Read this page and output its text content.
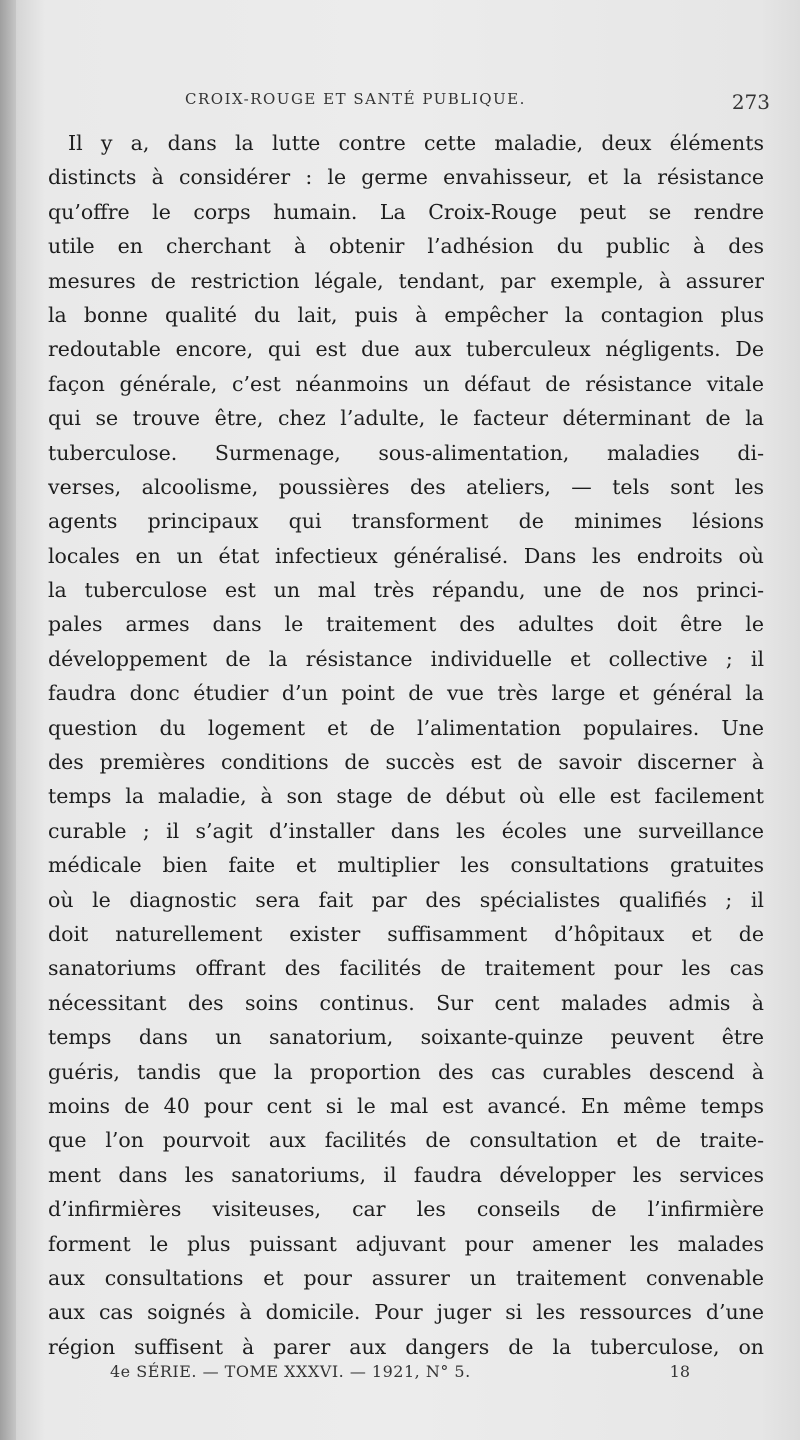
CROIX-ROUGE ET SANTÉ PUBLIQUE.	273
Il y a, dans la lutte contre cette maladie, deux éléments
distincts à considérer : le germe envahisseur, et la résistance
qu’offre le corps humain. La Croix-Rouge peut se rendre
utile en cherchant à obtenir l’adhésion du public à des
mesures de restriction légale, tendant, par exemple, à assurer
la bonne qualité du lait, puis à empêcher la contagion plus
redoutable encore, qui est due aux tuberculeux négligents. De
façon générale, c’est néanmoins un défaut de résistance vitale
qui se trouve être, chez l’adulte, le facteur déterminant de la
tuberculose. Surmenage, sous-alimentation, maladies di-
verses, alcoolisme, poussières des ateliers, — tels sont les
agents principaux qui transforment de minimes lésions
locales en un état infectieux généralisé. Dans les endroits où
la tuberculose est un mal très répandu, une de nos princi-
pales armes dans le traitement des adultes doit être le
développement de la résistance individuelle et collective ; il
faudra donc étudier d’un point de vue très large et général la
question du logement et de l’alimentation populaires. Une
des premières conditions de succès est de savoir discerner à
temps la maladie, à son stage de début où elle est facilement
curable ; il s’agit d’installer dans les écoles une surveillance
médicale bien faite et multiplier les consultations gratuites
où le diagnostic sera fait par des spécialistes qualifiés ; il
doit naturellement exister suffisamment d’hôpitaux et de
sanatoriums offrant des facilités de traitement pour les cas
nécessitant des soins continus. Sur cent malades admis à
temps dans un sanatorium, soixante-quinze peuvent être
guéris, tandis que la proportion des cas curables descend à
moins de 40 pour cent si le mal est avancé. En même temps
que l’on pourvoit aux facilités de consultation et de traite-
ment dans les sanatoriums, il faudra développer les services
d’infirmières visiteuses, car les conseils de l’infirmière
forment le plus puissant adjuvant pour amener les malades
aux consultations et pour assurer un traitement convenable
aux cas soignés à domicile. Pour juger si les ressources d’une
région suffisent à parer aux dangers de la tuberculose, on
4e SÉRIE. — TOME XXXVI. — 1921, N° 5.	18
